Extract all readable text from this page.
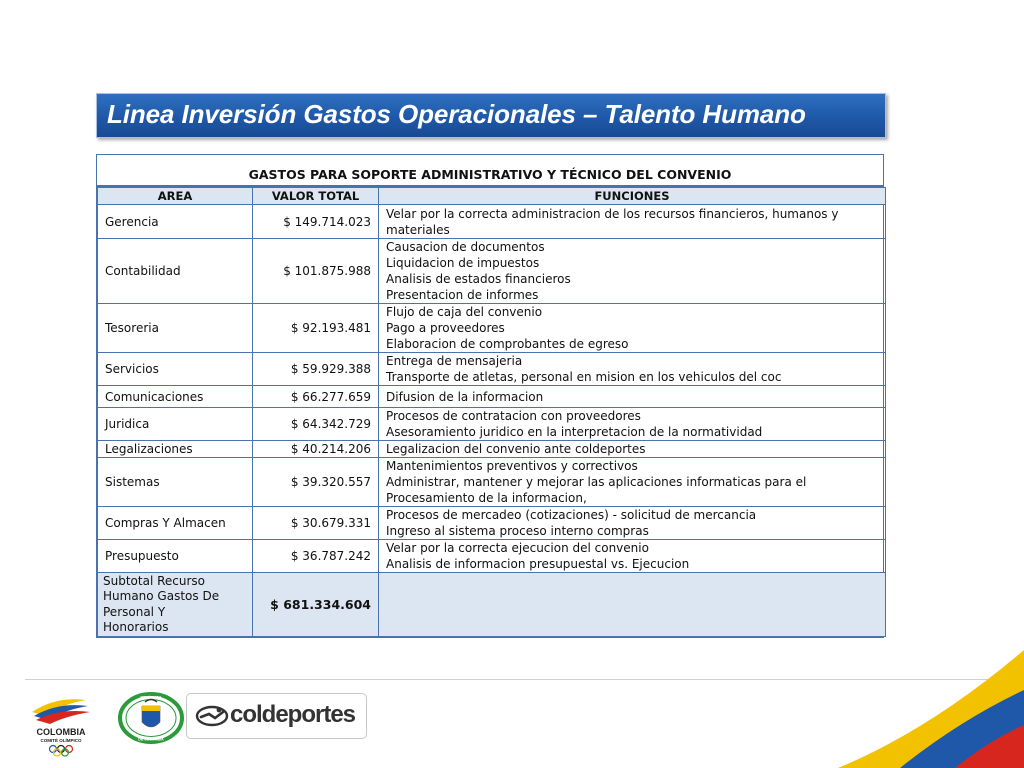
Linea Inversión Gastos Operacionales – Talento Humano
GASTOS PARA SOPORTE ADMINISTRATIVO Y TÉCNICO DEL CONVENIO
AREA	VALOR TOTAL	FUNCIONES
Gerencia	$ 149.714.023	Velar por la correcta administracion de los recursos financieros, humanos y
materiales

Contabilidad	$ 101.875.988	Causacion de documentos
Liquidacion de impuestos
Analisis de estados financieros
Presentacion de informes

Tesoreria	$ 92.193.481	Flujo de caja del convenio
Pago a proveedores
Elaboracion de comprobantes de egreso

Servicios	$ 59.929.388	Entrega de mensajeria
Transporte de atletas, personal en mision en los vehiculos del coc

Comunicaciones	$ 66.277.659	Difusion de la informacion

Juridica	$ 64.342.729	Procesos de contratacion con proveedores
Asesoramiento juridico en la interpretacion de la normatividad

Legalizaciones	$ 40.214.206	Legalizacion del convenio ante coldeportes

Sistemas	$ 39.320.557	Mantenimientos preventivos y correctivos
Administrar, mantener y mejorar las aplicaciones informaticas para el
Procesamiento de la informacion,

Compras Y Almacen	$ 30.679.331	Procesos de mercadeo (cotizaciones) - solicitud de mercancia
Ingreso al sistema proceso interno compras

Presupuesto	$ 36.787.242	Velar por la correcta ejecucion del convenio
Analisis de informacion presupuestal vs. Ejecucion

Subtotal Recurso
Humano Gastos De
Personal Y
Honorarios	$ 681.334.604	
COLOMBIA
COMITÉ OLÍMPICO
REPÚBLICA
DE COLOMBIA
coldeportes
